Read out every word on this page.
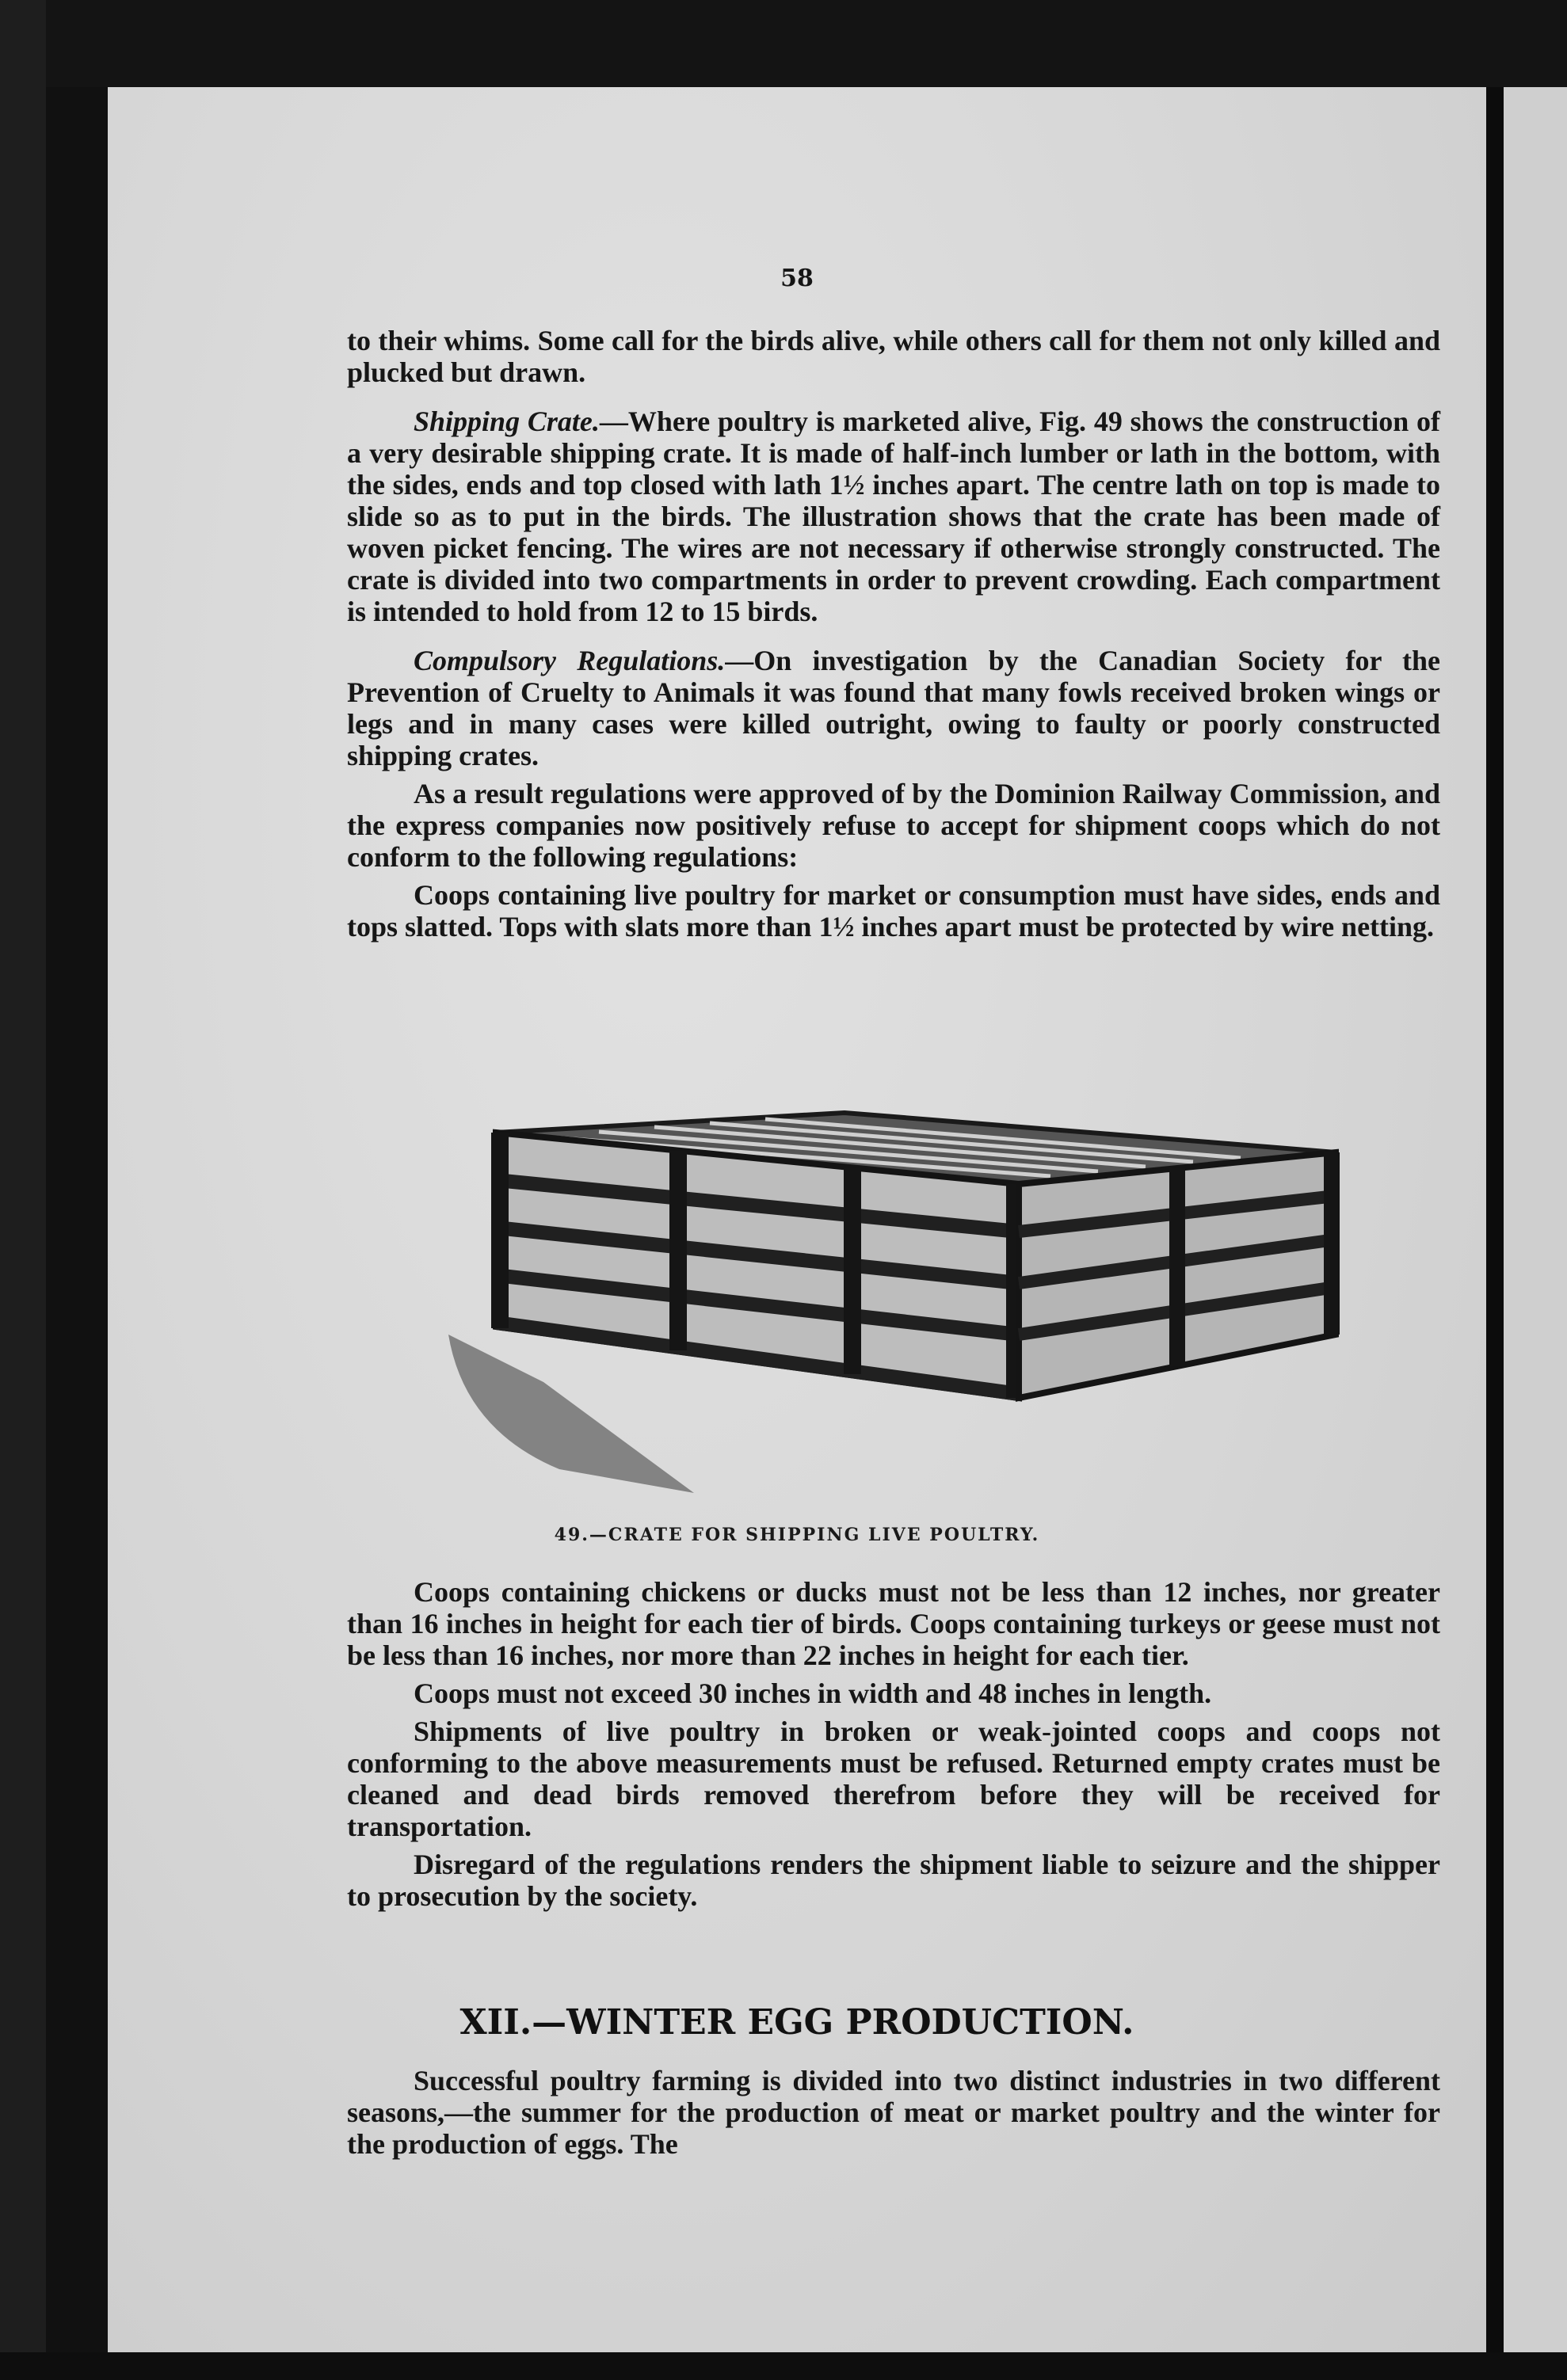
58

to their whims. Some call for the birds alive, while others call for them not only killed and plucked but drawn.

Shipping Crate.—Where poultry is marketed alive, Fig. 49 shows the construction of a very desirable shipping crate. It is made of half-inch lumber or lath in the bottom, with the sides, ends and top closed with lath 1½ inches apart. The centre lath on top is made to slide so as to put in the birds. The illustration shows that the crate has been made of woven picket fencing. The wires are not necessary if otherwise strongly constructed. The crate is divided into two compartments in order to prevent crowding. Each compartment is intended to hold from 12 to 15 birds.

Compulsory Regulations.—On investigation by the Canadian Society for the Prevention of Cruelty to Animals it was found that many fowls received broken wings or legs and in many cases were killed outright, owing to faulty or poorly constructed shipping crates.

As a result regulations were approved of by the Dominion Railway Commission, and the express companies now positively refuse to accept for shipment coops which do not conform to the following regulations:

Coops containing live poultry for market or consumption must have sides, ends and tops slatted. Tops with slats more than 1½ inches apart must be protected by wire netting.

49.—CRATE FOR SHIPPING LIVE POULTRY.

Coops containing chickens or ducks must not be less than 12 inches, nor greater than 16 inches in height for each tier of birds. Coops containing turkeys or geese must not be less than 16 inches, nor more than 22 inches in height for each tier.

Coops must not exceed 30 inches in width and 48 inches in length.

Shipments of live poultry in broken or weak-jointed coops and coops not conforming to the above measurements must be refused. Returned empty crates must be cleaned and dead birds removed therefrom before they will be received for transportation.

Disregard of the regulations renders the shipment liable to seizure and the shipper to prosecution by the society.

XII.—WINTER EGG PRODUCTION.

Successful poultry farming is divided into two distinct industries in two different seasons,—the summer for the production of meat or market poultry and the winter for the production of eggs. The
